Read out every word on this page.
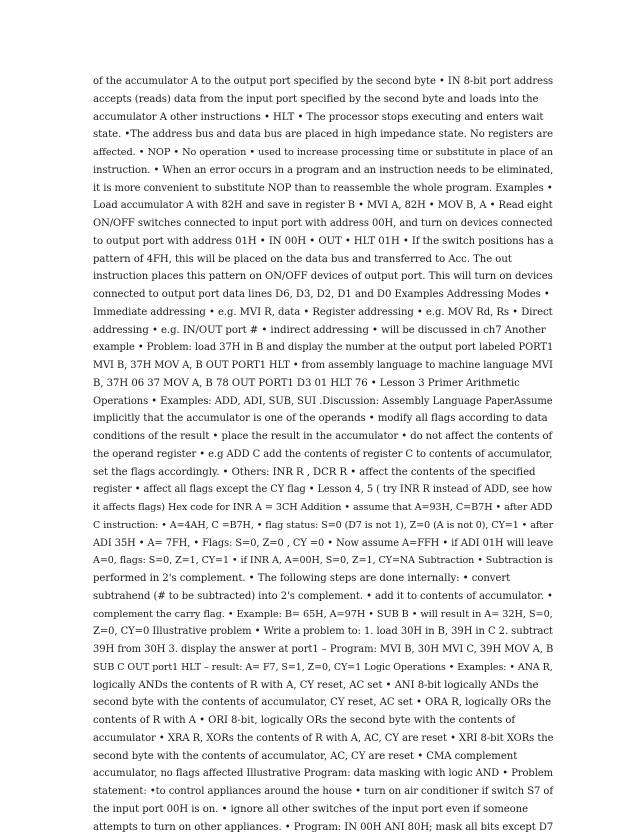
of the accumulator A to the output port specified by the second byte • IN 8-bit port address
accepts (reads) data from the input port specified by the second byte and loads into the
accumulator A other instructions • HLT • The processor stops executing and enters wait
state. •The address bus and data bus are placed in high impedance state. No registers are
affected. • NOP • No operation • used to increase processing time or substitute in place of an
instruction. • When an error occurs in a program and an instruction needs to be eliminated,
it is more convenient to substitute NOP than to reassemble the whole program. Examples •
Load accumulator A with 82H and save in register B • MVI A, 82H • MOV B, A • Read eight
ON/OFF switches connected to input port with address 00H, and turn on devices connected
to output port with address 01H • IN 00H • OUT • HLT 01H • If the switch positions has a
pattern of 4FH, this will be placed on the data bus and transferred to Acc. The out
instruction places this pattern on ON/OFF devices of output port. This will turn on devices
connected to output port data lines D6, D3, D2, D1 and D0 Examples Addressing Modes •
Immediate addressing • e.g. MVI R, data • Register addressing • e.g. MOV Rd, Rs • Direct
addressing • e.g. IN/OUT port # • indirect addressing • will be discussed in ch7 Another
example • Problem: load 37H in B and display the number at the output port labeled PORT1
MVI B, 37H MOV A, B OUT PORT1 HLT • from assembly language to machine language MVI
B, 37H 06 37 MOV A, B 78 OUT PORT1 D3 01 HLT 76 • Lesson 3 Primer Arithmetic
Operations • Examples: ADD, ADI, SUB, SUI .Discussion: Assembly Language PaperAssume
implicitly that the accumulator is one of the operands • modify all flags according to data
conditions of the result • place the result in the accumulator • do not affect the contents of
the operand register • e.g ADD C add the contents of register C to contents of accumulator,
set the flags accordingly. • Others: INR R , DCR R • affect the contents of the specified
register • affect all flags except the CY flag • Lesson 4, 5 ( try INR R instead of ADD, see how
it affects flags) Hex code for INR A = 3CH Addition • assume that A=93H, C=B7H • after ADD
C instruction: • A=4AH, C =B7H, • flag status: S=0 (D7 is not 1), Z=0 (A is not 0), CY=1 • after
ADI 35H • A= 7FH, • Flags: S=0, Z=0 , CY =0 • Now assume A=FFH • if ADI 01H will leave
A=0, flags: S=0, Z=1, CY=1 • if INR A, A=00H, S=0, Z=1, CY=NA Subtraction • Subtraction is
performed in 2's complement. • The following steps are done internally: • convert
subtrahend (# to be subtracted) into 2's complement. • add it to contents of accumulator. •
complement the carry flag. • Example: B= 65H, A=97H • SUB B • will result in A= 32H, S=0,
Z=0, CY=0 Illustrative problem • Write a problem to: 1. load 30H in B, 39H in C 2. subtract
39H from 30H 3. display the answer at port1 – Program: MVI B, 30H MVI C, 39H MOV A, B
SUB C OUT port1 HLT – result: A= F7, S=1, Z=0, CY=1 Logic Operations • Examples: • ANA R,
logically ANDs the contents of R with A, CY reset, AC set • ANI 8-bit logically ANDs the
second byte with the contents of accumulator, CY reset, AC set • ORA R, logically ORs the
contents of R with A • ORI 8-bit, logically ORs the second byte with the contents of
accumulator • XRA R, XORs the contents of R with A, AC, CY are reset • XRI 8-bit XORs the
second byte with the contents of accumulator, AC, CY are reset • CMA complement
accumulator, no flags affected Illustrative Program: data masking with logic AND • Problem
statement: •to control appliances around the house • turn on air conditioner if switch S7 of
the input port 00H is on. • ignore all other switches of the input port even if someone
attempts to turn on other appliances. • Program: IN 00H ANI 80H; mask all bits except D7
